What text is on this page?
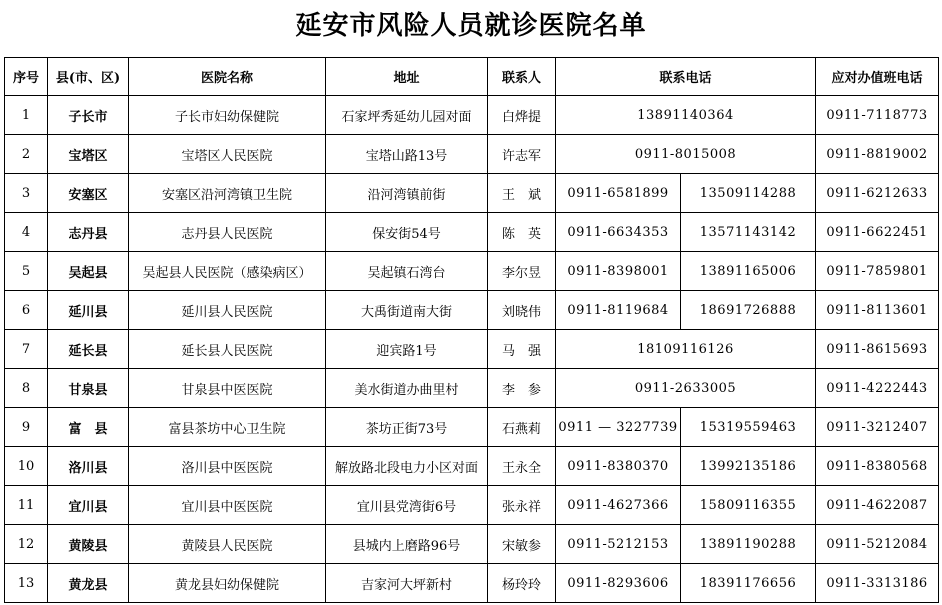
延安市风险人员就诊医院名单
序号	县(市、区)	医院名称	地址	联系人	联系电话		应对办值班电话
1	子长市	子长市妇幼保健院	石家坪秀延幼儿园对面	白烨提	13891140364		0911-7118773
2	宝塔区	宝塔区人民医院	宝塔山路13号	许志军	0911-8015008		0911-8819002
3	安塞区	安塞区沿河湾镇卫生院	沿河湾镇前街	王　斌	0911-6581899	13509114288	0911-6212633
4	志丹县	志丹县人民医院	保安街54号	陈　英	0911-6634353	13571143142	0911-6622451
5	吴起县	吴起县人民医院（感染病区）	吴起镇石湾台	李尔昱	0911-8398001	13891165006	0911-7859801
6	延川县	延川县人民医院	大禹街道南大街	刘晓伟	0911-8119684	18691726888	0911-8113601
7	延长县	延长县人民医院	迎宾路1号	马　强	18109116126		0911-8615693
8	甘泉县	甘泉县中医医院	美水街道办曲里村	李　参	0911-2633005		0911-4222443
9	富　县	富县茶坊中心卫生院	茶坊正街73号	石燕莉	0911 — 3227739	15319559463	0911-3212407
10	洛川县	洛川县中医医院	解放路北段电力小区对面	王永全	0911-8380370	13992135186	0911-8380568
11	宜川县	宜川县中医医院	宜川县党湾街6号	张永祥	0911-4627366	15809116355	0911-4622087
12	黄陵县	黄陵县人民医院	县城内上磨路96号	宋敏参	0911-5212153	13891190288	0911-5212084
13	黄龙县	黄龙县妇幼保健院	吉家河大坪新村	杨玲玲	0911-8293606	18391176656	0911-3313186
